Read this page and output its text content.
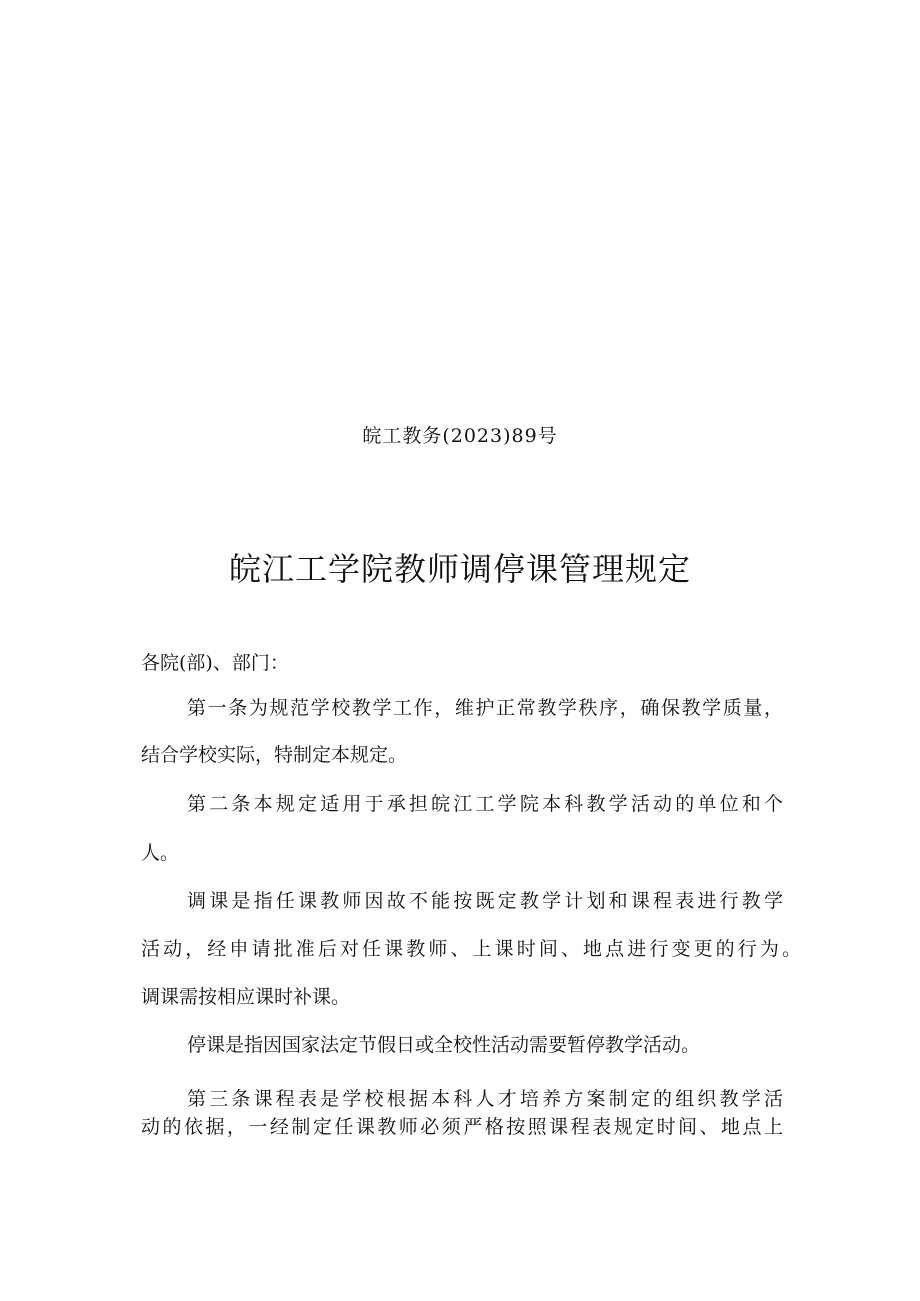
皖工教务(2023)89号
皖江工学院教师调停课管理规定
各院(部)、部门：
第一条为规范学校教学工作，维护正常教学秩序，确保教学质量，
结合学校实际，特制定本规定。
第二条本规定适用于承担皖江工学院本科教学活动的单位和个
人。
调课是指任课教师因故不能按既定教学计划和课程表进行教学
活动，经申请批准后对任课教师、上课时间、地点进行变更的行为。
调课需按相应课时补课。
停课是指因国家法定节假日或全校性活动需要暂停教学活动。
第三条课程表是学校根据本科人才培养方案制定的组织教学活
动的依据，一经制定任课教师必须严格按照课程表规定时间、地点上
